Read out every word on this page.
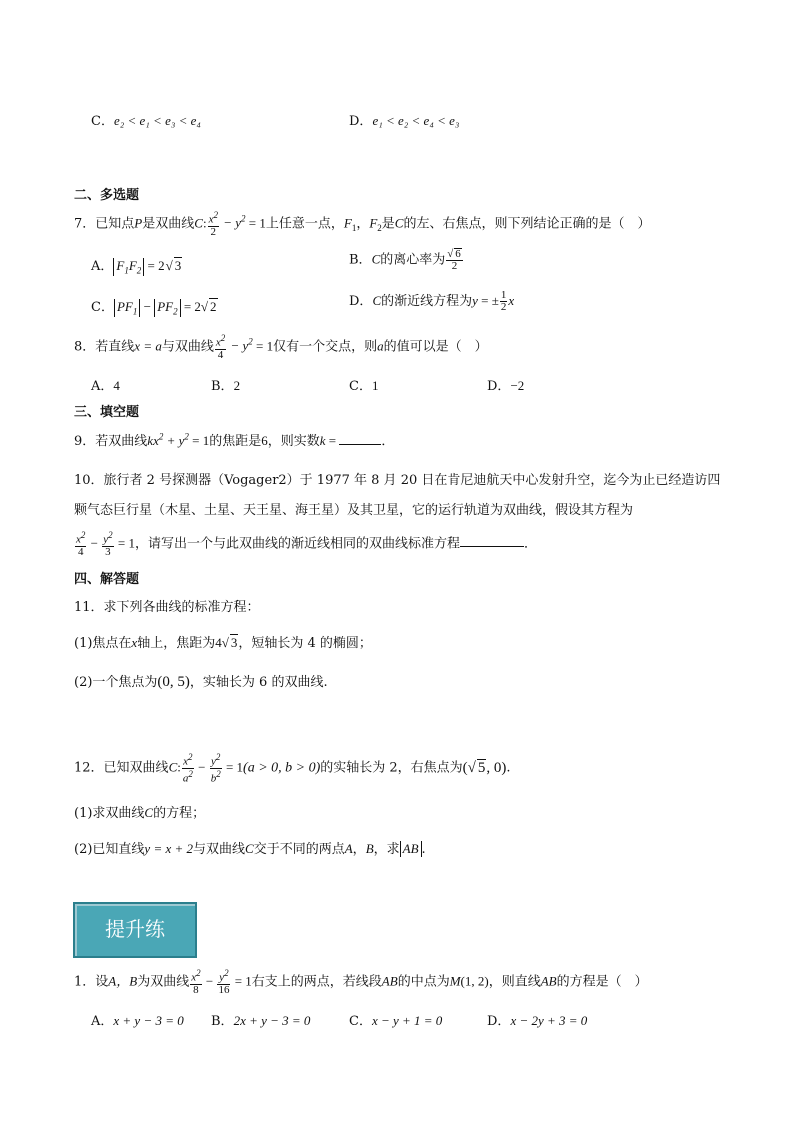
C．e₂ < e₁ < e₃ < e₄	D．e₁ < e₂ < e₄ < e₃
二、多选题
7．已知点P是双曲线C: $\frac{x^2}{2} - y^2 = 1$上任意一点，$F_1$，$F_2$是C的左、右焦点，则下列结论正确的是（　）
A． $F_1F_2 = 2√$ 3	B．C的离心率为 $\frac{√ 6}{2}$
C． $PF_1 - PF_2 = 2√$ 2	D．C的渐近线方程为y = ± $\frac{1}{2}$ x
8．若直线x = a与双曲线 $\frac{x^2}{4} - y^2 = 1$仅有一个交点，则a的值可以是（　）
A．4	B．2	C．1	D．−2
三、填空题
9．若双曲线$kx^2 + y^2 = 1$的焦距是6，则实数k =	．
10．旅行者 2 号探测器（Vogager2）于 1977 年 8 月 20 日在肯尼迪航天中心发射升空，迄今为止已经造访四
颗气态巨行星（木星、土星、天王星、海王星）及其卫星，它的运行轨道为双曲线，假设其方程为
$\frac{x^2}{4} - \frac{y^2}{3} = 1$，请写出一个与此双曲线的渐近线相同的双曲线标准方程	．
四、解答题
11．求下列各曲线的标准方程：
(1)焦点在x轴上，焦距为4√ 3，短轴长为 4 的椭圆；
(2)一个焦点为(0, 5)，实轴长为 6 的双曲线.
12．已知双曲线C: $\frac{x^2}{a^2} - \frac{y^2}{b^2} = 1(a > 0$, b > 0)的实轴长为 2，右焦点为(√ 5, 0).
(1)求双曲线C的方程；
(2)已知直线y = x + 2与双曲线C交于不同的两点A，B，求 AB .
提升练
1．设A，B为双曲线 $\frac{x^2}{8} - \frac{y^2}{16} = 1$右支上的两点，若线段AB的中点为M(1, 2)，则直线AB的方程是（　）
A．x + y − 3 = 0 B．2x + y − 3 = 0	C．x − y + 1 = 0	D．x − 2y + 3 = 0
